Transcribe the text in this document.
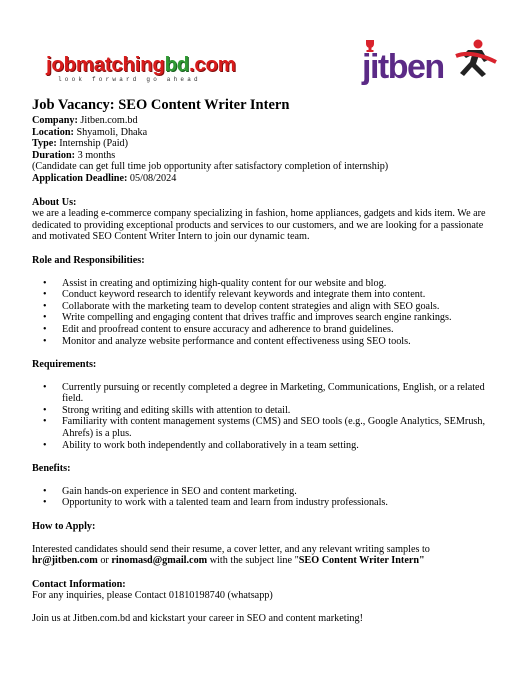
jobmatchingbd.com
look forward go ahead	jitben
Job Vacancy: SEO Content Writer Intern
Company: Jitben.com.bd
Location: Shyamoli, Dhaka
Type: Internship (Paid)
Duration: 3 months
(Candidate can get full time job opportunity after satisfactory completion of internship)
Application Deadline: 05/08/2024
About Us:
we are a leading e-commerce company specializing in fashion, home appliances, gadgets and kids item. We are dedicated to providing exceptional products and services to our customers, and we are looking for a passionate and motivated SEO Content Writer Intern to join our dynamic team.
Role and Responsibilities:
• Assist in creating and optimizing high-quality content for our website and blog.
• Conduct keyword research to identify relevant keywords and integrate them into content.
• Collaborate with the marketing team to develop content strategies and align with SEO goals.
• Write compelling and engaging content that drives traffic and improves search engine rankings.
• Edit and proofread content to ensure accuracy and adherence to brand guidelines.
• Monitor and analyze website performance and content effectiveness using SEO tools.
Requirements:
• Currently pursuing or recently completed a degree in Marketing, Communications, English, or a related field.
• Strong writing and editing skills with attention to detail.
• Familiarity with content management systems (CMS) and SEO tools (e.g., Google Analytics, SEMrush, Ahrefs) is a plus.
• Ability to work both independently and collaboratively in a team setting.
Benefits:
• Gain hands-on experience in SEO and content marketing.
• Opportunity to work with a talented team and learn from industry professionals.
How to Apply:
Interested candidates should send their resume, a cover letter, and any relevant writing samples to
hr@jitben.com or rinomasd@gmail.com with the subject line "SEO Content Writer Intern"
Contact Information:
For any inquiries, please Contact 01810198740 (whatsapp)
Join us at Jitben.com.bd and kickstart your career in SEO and content marketing!
